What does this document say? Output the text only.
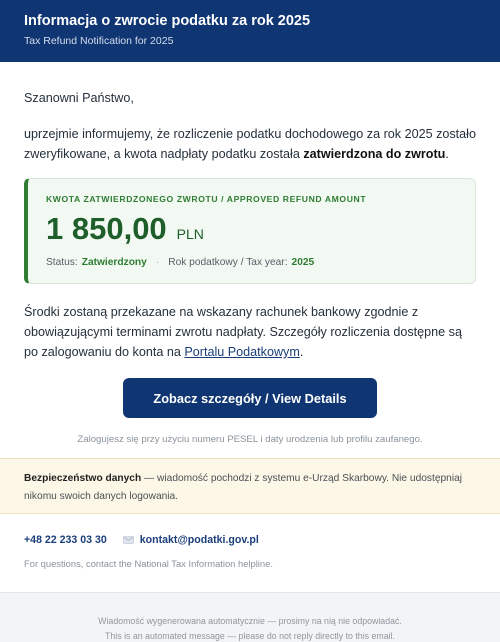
Informacja o zwrocie podatku za rok 2025
Tax Refund Notification for 2025

Szanowni Państwo,

uprzejmie informujemy, że rozliczenie podatku dochodowego za rok 2025 zostało zweryfikowane, a kwota nadpłaty podatku została zatwierdzona do zwrotu.

KWOTA ZATWIERDZONEGO ZWROTU / APPROVED REFUND AMOUNT
1 850,00 PLN
Status: Zatwierdzony · Rok podatkowy / Tax year: 2025

Środki zostaną przekazane na wskazany rachunek bankowy zgodnie z obowiązującymi terminami zwrotu nadpłaty. Szczegóły rozliczenia dostępne są po zalogowaniu do konta na Portalu Podatkowym.

Zobacz szczegóły / View Details
Zalogujesz się przy użyciu numeru PESEL i daty urodzenia lub profilu zaufanego.
Bezpieczeństwo danych — wiadomość pochodzi z systemu e-Urząd Skarbowy. Nie udostępniaj nikomu swoich danych logowania.
+48 22 233 03 30	kontakt@podatki.gov.pl
For questions, contact the National Tax Information helpline.
Wiadomość wygenerowana automatycznie — prosimy na nią nie odpowiadać.
This is an automated message — please do not reply directly to this email.
